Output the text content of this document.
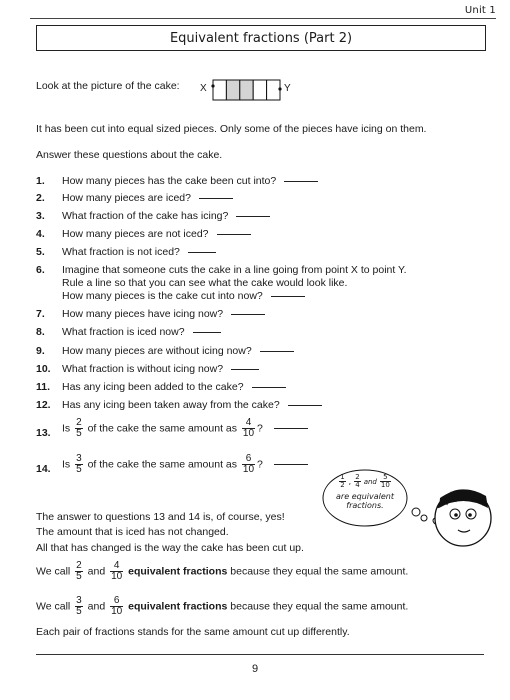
Unit 1
Equivalent fractions (Part 2)
Look at the picture of the cake: X	Y
It has been cut into equal sized pieces. Only some of the pieces have icing on them.
Answer these questions about the cake.
1. How many pieces has the cake been cut into?
2. How many pieces are iced?
3. What fraction of the cake has icing?
4. How many pieces are not iced?
5. What fraction is not iced?
6. Imagine that someone cuts the cake in a line going from point X to point Y.
Rule a line so that you can see what the cake would look like.
How many pieces is the cake cut into now?
7. How many pieces have icing now?
8. What fraction is iced now?
9. How many pieces are without icing now?
10. What fraction is without icing now?
11. Has any icing been added to the cake?
12. Has any icing been taken away from the cake?
13. Is $\frac{2}{5}$ of the cake the same amount as $\frac{4}{10}$ ?
14. Is $\frac{3}{5}$ of the cake the same amount as $\frac{6}{10}$ ?
$\frac{1}{2}$ , $\frac{2}{4}$ and $\frac{5}{10}$
are equivalent
fractions.
The answer to questions 13 and 14 is, of course, yes!
The amount that is iced has not changed.
All that has changed is the way the cake has been cut up.
We call $\frac{2}{5}$ and $\frac{4}{10}$ equivalent fractions because they equal the same amount.
We call $\frac{3}{5}$ and $\frac{6}{10}$ equivalent fractions because they equal the same amount.
Each pair of fractions stands for the same amount cut up differently.
9
